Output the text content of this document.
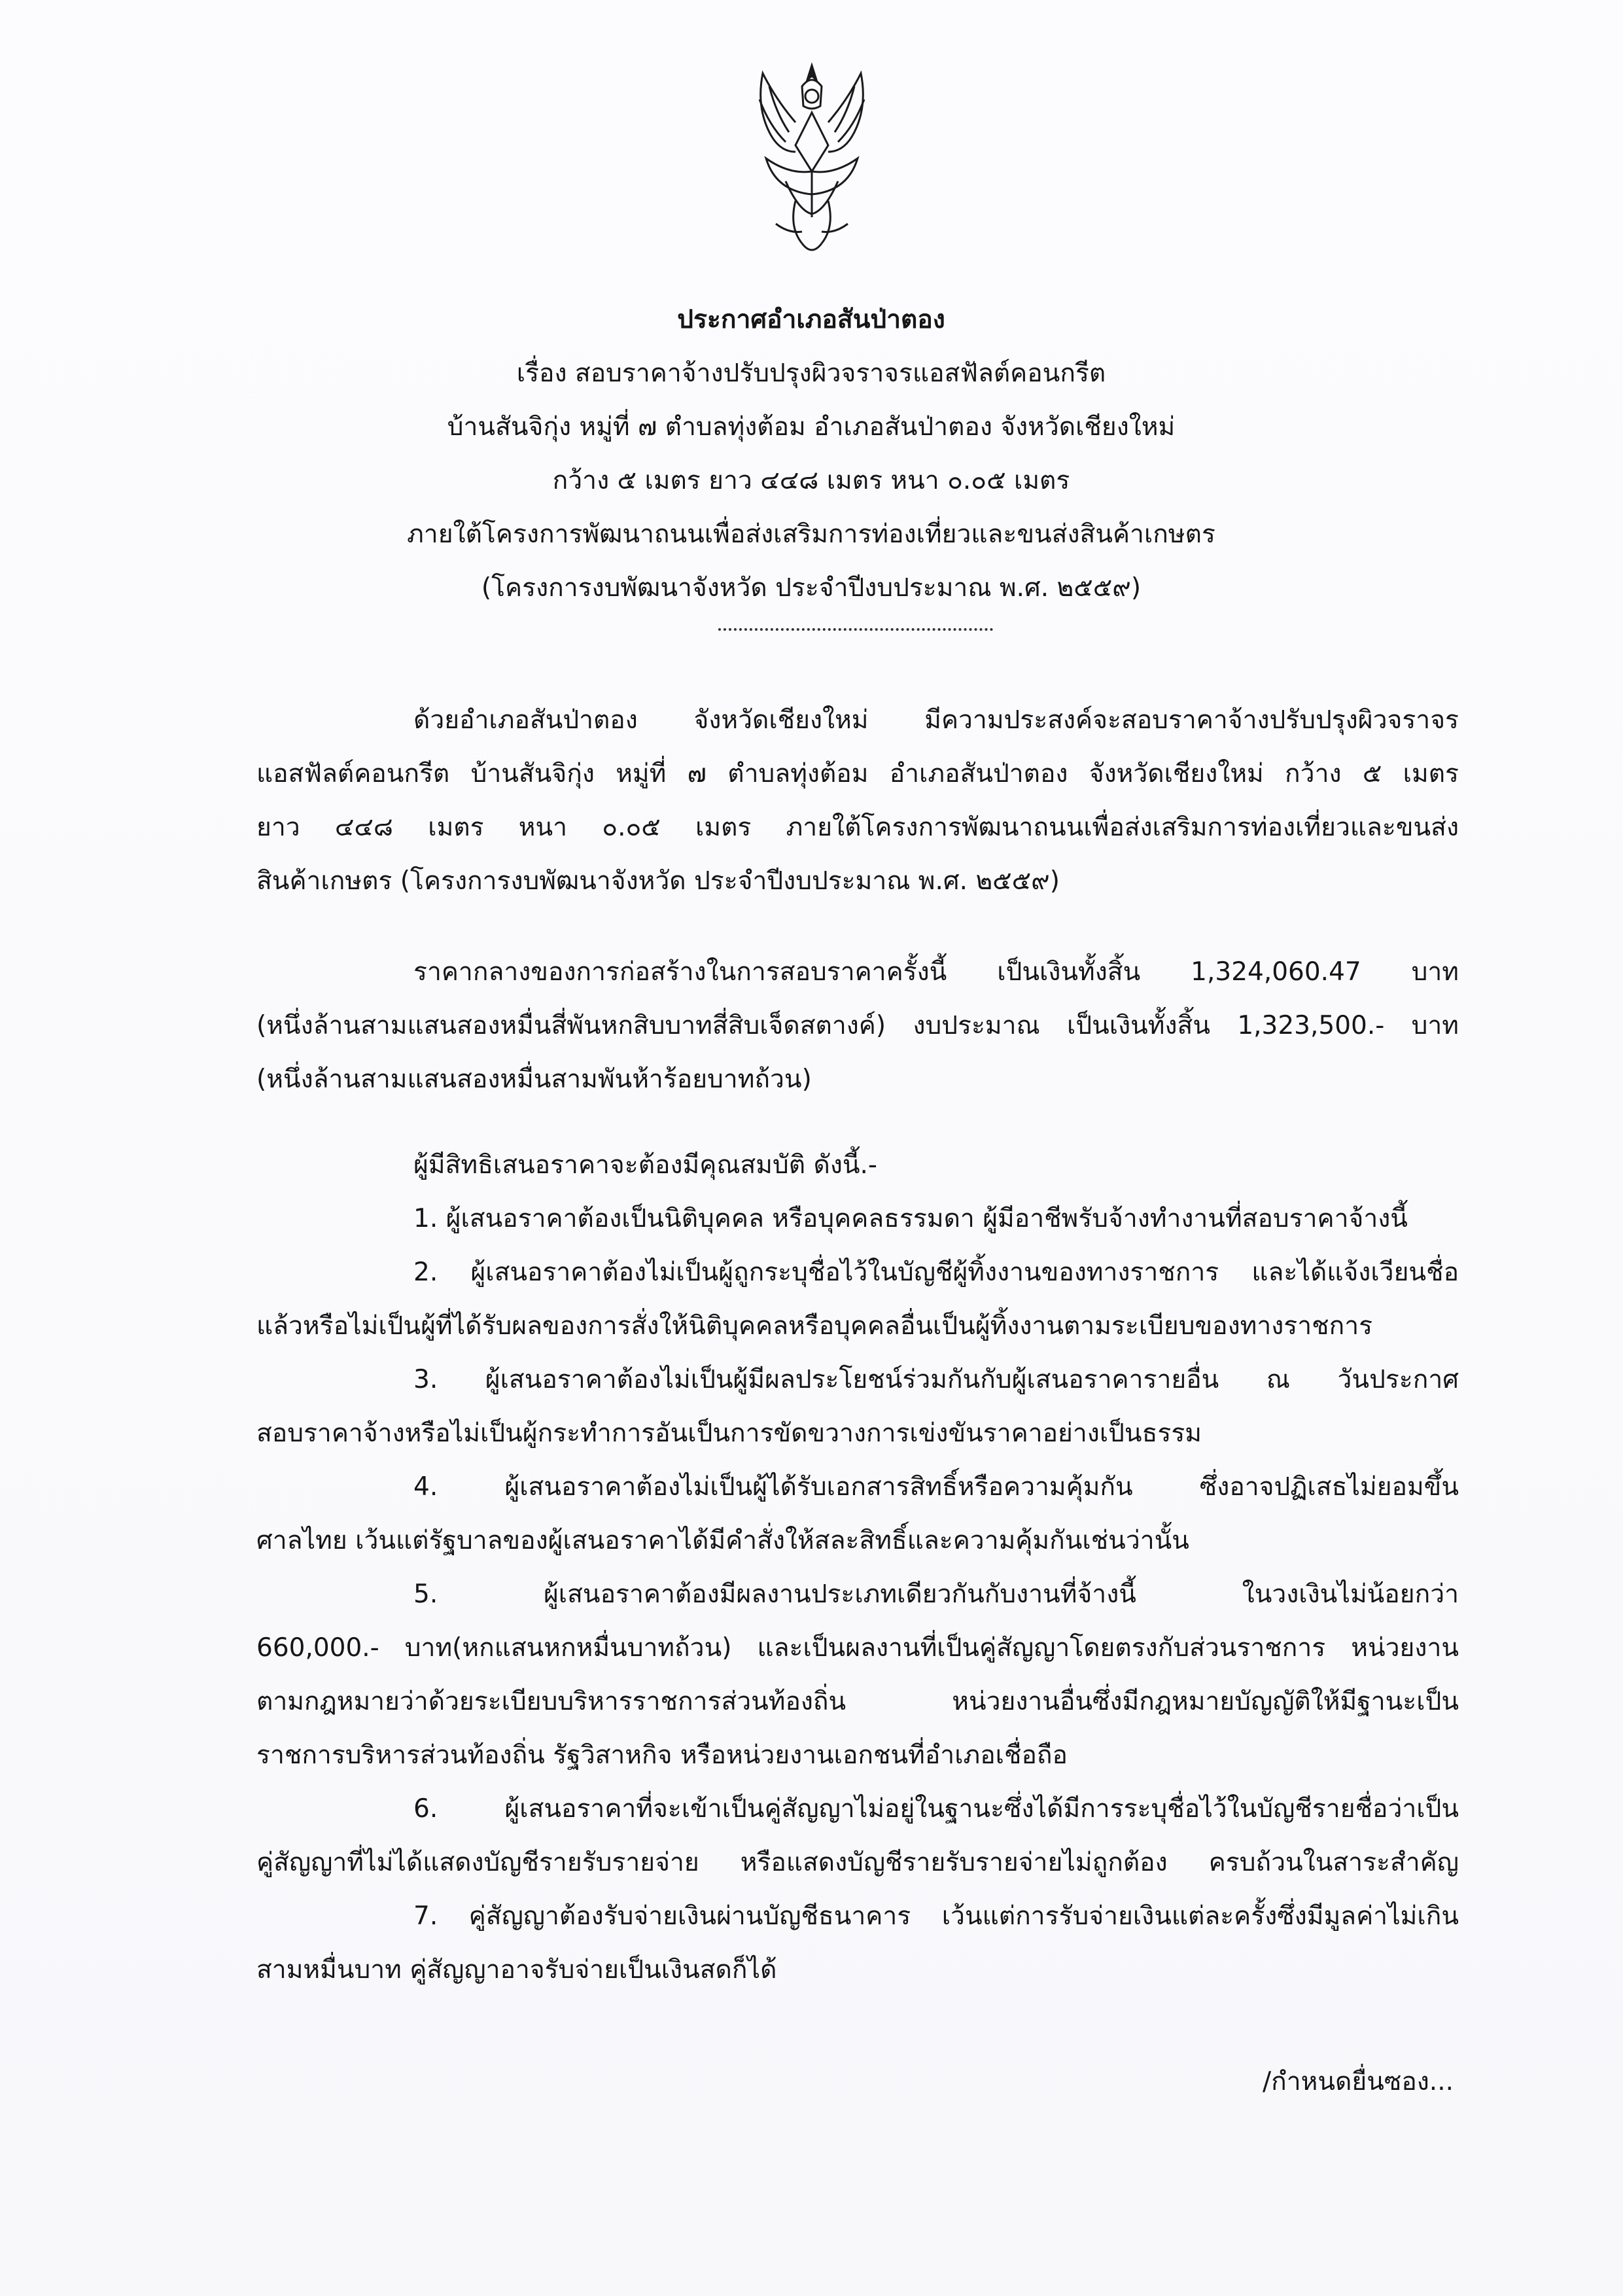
ประกาศอำเภอสันป่าตอง
เรื่อง สอบราคาจ้างปรับปรุงผิวจราจรแอสฟัลต์คอนกรีต
บ้านสันจิกุ่ง หมู่ที่ ๗ ตำบลทุ่งต้อม อำเภอสันป่าตอง จังหวัดเชียงใหม่
กว้าง ๕ เมตร ยาว ๔๔๘ เมตร หนา ๐.๐๕ เมตร
ภายใต้โครงการพัฒนาถนนเพื่อส่งเสริมการท่องเที่ยวและขนส่งสินค้าเกษตร
(โครงการงบพัฒนาจังหวัด ประจำปีงบประมาณ พ.ศ. ๒๕๕๙)
ด้วยอำเภอสันป่าตอง จังหวัดเชียงใหม่ มีความประสงค์จะสอบราคาจ้างปรับปรุงผิวจราจร
แอสฟัลต์คอนกรีต บ้านสันจิกุ่ง หมู่ที่ ๗ ตำบลทุ่งต้อม อำเภอสันป่าตอง จังหวัดเชียงใหม่ กว้าง ๕ เมตร
ยาว ๔๔๘ เมตร หนา ๐.๐๕ เมตร ภายใต้โครงการพัฒนาถนนเพื่อส่งเสริมการท่องเที่ยวและขนส่ง
สินค้าเกษตร (โครงการงบพัฒนาจังหวัด ประจำปีงบประมาณ พ.ศ. ๒๕๕๙)
ราคากลางของการก่อสร้างในการสอบราคาครั้งนี้ เป็นเงินทั้งสิ้น 1,324,060.47 บาท
(หนึ่งล้านสามแสนสองหมื่นสี่พันหกสิบบาทสี่สิบเจ็ดสตางค์) งบประมาณ เป็นเงินทั้งสิ้น 1,323,500.- บาท
(หนึ่งล้านสามแสนสองหมื่นสามพันห้าร้อยบาทถ้วน)
ผู้มีสิทธิเสนอราคาจะต้องมีคุณสมบัติ ดังนี้.-
1. ผู้เสนอราคาต้องเป็นนิติบุคคล หรือบุคคลธรรมดา ผู้มีอาชีพรับจ้างทำงานที่สอบราคาจ้างนี้
2. ผู้เสนอราคาต้องไม่เป็นผู้ถูกระบุชื่อไว้ในบัญชีผู้ทิ้งงานของทางราชการ และได้แจ้งเวียนชื่อ
แล้วหรือไม่เป็นผู้ที่ได้รับผลของการสั่งให้นิติบุคคลหรือบุคคลอื่นเป็นผู้ทิ้งงานตามระเบียบของทางราชการ
3. ผู้เสนอราคาต้องไม่เป็นผู้มีผลประโยชน์ร่วมกันกับผู้เสนอราคารายอื่น ณ วันประกาศ
สอบราคาจ้างหรือไม่เป็นผู้กระทำการอันเป็นการขัดขวางการเข่งขันราคาอย่างเป็นธรรม
4. ผู้เสนอราคาต้องไม่เป็นผู้ได้รับเอกสารสิทธิ์หรือความคุ้มกัน ซึ่งอาจปฏิเสธไม่ยอมขึ้น
ศาลไทย เว้นแต่รัฐบาลของผู้เสนอราคาได้มีคำสั่งให้สละสิทธิ์และความคุ้มกันเช่นว่านั้น
5. ผู้เสนอราคาต้องมีผลงานประเภทเดียวกันกับงานที่จ้างนี้ ในวงเงินไม่น้อยกว่า
660,000.- บาท(หกแสนหกหมื่นบาทถ้วน) และเป็นผลงานที่เป็นคู่สัญญาโดยตรงกับส่วนราชการ หน่วยงาน
ตามกฎหมายว่าด้วยระเบียบบริหารราชการส่วนท้องถิ่น หน่วยงานอื่นซึ่งมีกฎหมายบัญญัติให้มีฐานะเป็น
ราชการบริหารส่วนท้องถิ่น รัฐวิสาหกิจ หรือหน่วยงานเอกชนที่อำเภอเชื่อถือ
6. ผู้เสนอราคาที่จะเข้าเป็นคู่สัญญาไม่อยู่ในฐานะซึ่งได้มีการระบุชื่อไว้ในบัญชีรายชื่อว่าเป็น
คู่สัญญาที่ไม่ได้แสดงบัญชีรายรับรายจ่าย หรือแสดงบัญชีรายรับรายจ่ายไม่ถูกต้อง ครบถ้วนในสาระสำคัญ
7. คู่สัญญาต้องรับจ่ายเงินผ่านบัญชีธนาคาร เว้นแต่การรับจ่ายเงินแต่ละครั้งซึ่งมีมูลค่าไม่เกิน
สามหมื่นบาท คู่สัญญาอาจรับจ่ายเป็นเงินสดก็ได้
/กำหนดยื่นซอง...
